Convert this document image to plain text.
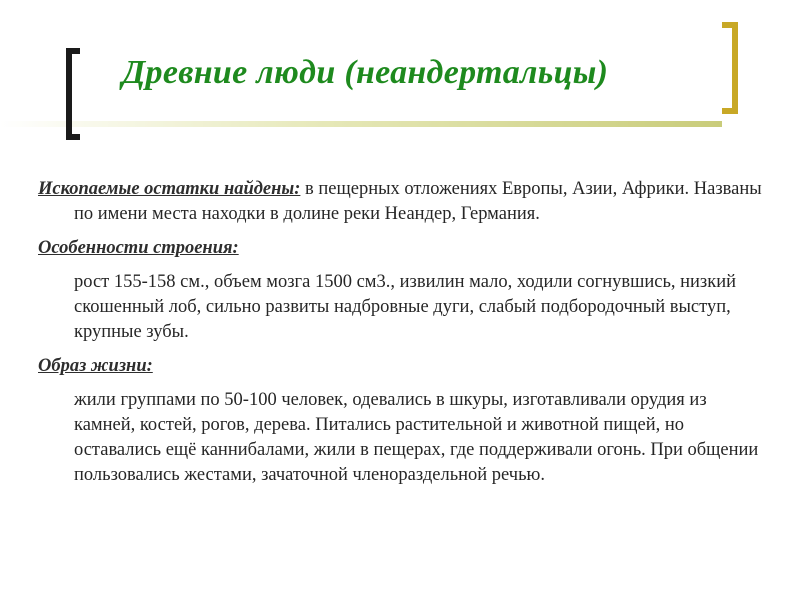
Древние люди (неандертальцы)

Ископаемые остатки найдены: в пещерных отложениях Европы, Азии, Африки. Названы по имени места находки в долине реки Неандер, Германия.

Особенности строения:

рост 155-158 см., объем мозга 1500 см3., извилин мало, ходили согнувшись, низкий скошенный лоб, сильно развиты надбровные дуги, слабый подбородочный выступ, крупные зубы.

Образ жизни:

жили группами по 50-100 человек, одевались в шкуры, изготавливали орудия из камней, костей, рогов, дерева. Питались растительной и животной пищей, но оставались ещё каннибалами, жили в пещерах, где поддерживали огонь. При общении пользовались жестами, зачаточной членораздельной речью.
